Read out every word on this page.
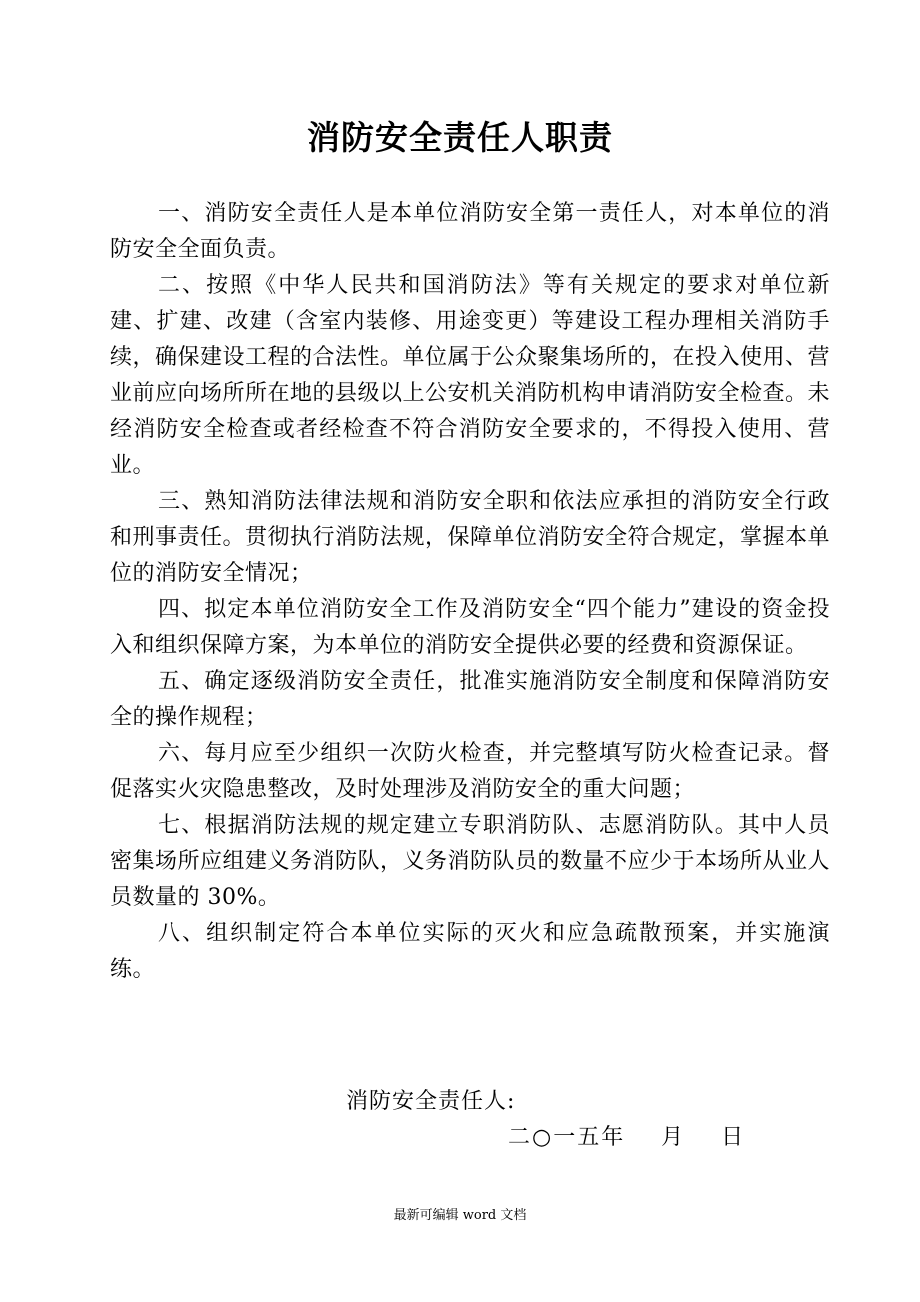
消防安全责任人职责

一、消防安全责任人是本单位消防安全第一责任人，对本单位的消防安全全面负责。

二、按照《中华人民共和国消防法》等有关规定的要求对单位新建、扩建、改建（含室内装修、用途变更）等建设工程办理相关消防手续，确保建设工程的合法性。单位属于公众聚集场所的，在投入使用、营业前应向场所所在地的县级以上公安机关消防机构申请消防安全检查。未经消防安全检查或者经检查不符合消防安全要求的，不得投入使用、营业。

三、熟知消防法律法规和消防安全职和依法应承担的消防安全行政和刑事责任。贯彻执行消防法规，保障单位消防安全符合规定，掌握本单位的消防安全情况；

四、拟定本单位消防安全工作及消防安全“四个能力”建设的资金投入和组织保障方案，为本单位的消防安全提供必要的经费和资源保证。

五、确定逐级消防安全责任，批准实施消防安全制度和保障消防安全的操作规程；

六、每月应至少组织一次防火检查，并完整填写防火检查记录。督促落实火灾隐患整改，及时处理涉及消防安全的重大问题；

七、根据消防法规的规定建立专职消防队、志愿消防队。其中人员密集场所应组建义务消防队，义务消防队员的数量不应少于本场所从业人员数量的 30%。

八、组织制定符合本单位实际的灭火和应急疏散预案，并实施演练。

消防安全责任人:
二○一五年    月    日
最新可编辑 word 文档
